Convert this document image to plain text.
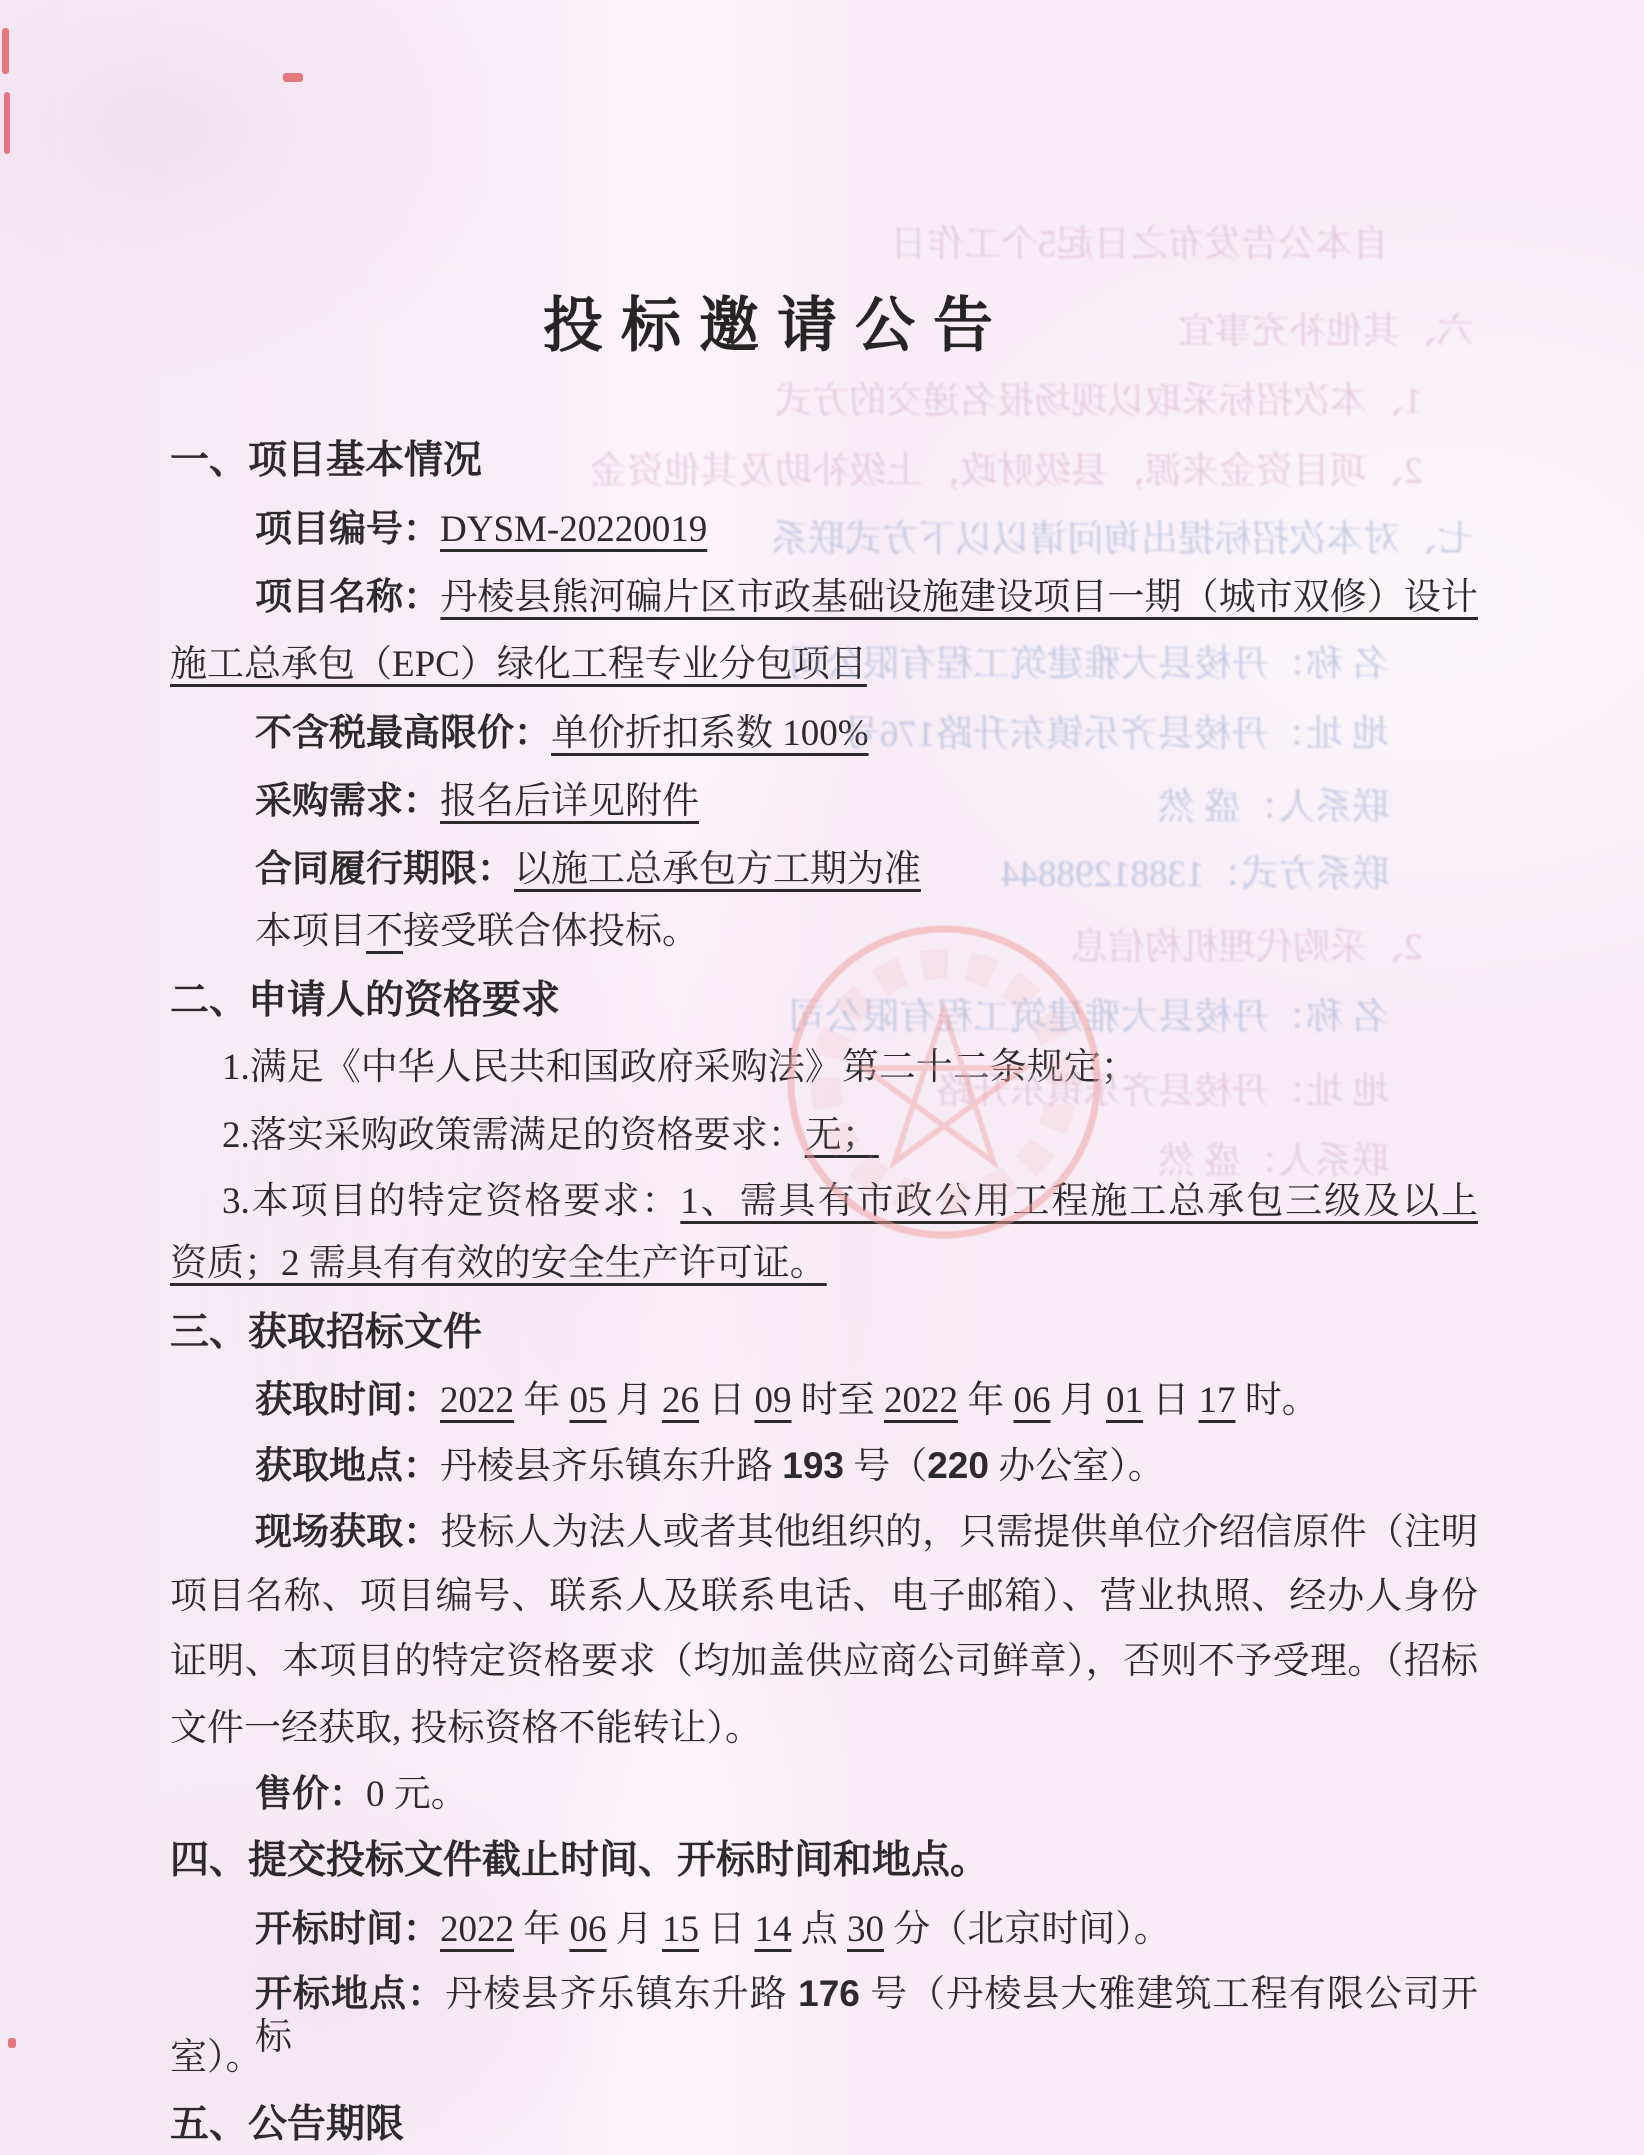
投标邀请公告
一、项目基本情况
项目编号：DYSM-20220019
项目名称：丹棱县熊河碥片区市政基础设施建设项目一期（城市双修）设计
施工总承包（EPC）绿化工程专业分包项目
不含税最高限价：单价折扣系数 100%
采购需求：报名后详见附件
合同履行期限：以施工总承包方工期为准
本项目不接受联合体投标。
二、申请人的资格要求
1.满足《中华人民共和国政府采购法》第二十二条规定；
2.落实采购政策需满足的资格要求：无；
3.本项目的特定资格要求：1、需具有市政公用工程施工总承包三级及以上
资质；2 需具有有效的安全生产许可证。
三、获取招标文件
获取时间：2022 年 05 月 26 日 09 时至 2022 年 06 月 01 日 17 时。
获取地点：丹棱县齐乐镇东升路 193 号（220 办公室）。
现场获取：投标人为法人或者其他组织的，只需提供单位介绍信原件（注明
项目名称、项目编号、联系人及联系电话、电子邮箱）、营业执照、经办人身份
证明、本项目的特定资格要求（均加盖供应商公司鲜章），否则不予受理。（招标
文件一经获取, 投标资格不能转让）。
售价：0 元。
四、提交投标文件截止时间、开标时间和地点。
开标时间：2022 年 06 月 15 日 14 点 30 分（北京时间）。
开标地点：丹棱县齐乐镇东升路 176 号（丹棱县大雅建筑工程有限公司开标
室）。
五、公告期限
自本公告发布之日起5个工作日
六、其他补充事宜
1、本次招标采取以现场报名递交的方式
2、项目资金来源，县级财政，上级补助及其他资金
七、对本次招标提出询问请以以下方式联系
名 称：丹棱县大雅建筑工程有限公司
地 址：丹棱县齐乐镇东升路176号
联系人：盛 然
联系方式：13881298844
2、采购代理机构信息
名 称：丹棱县大雅建筑工程有限公司
地 址：丹棱县齐乐镇东升路
联系人：盛 然
